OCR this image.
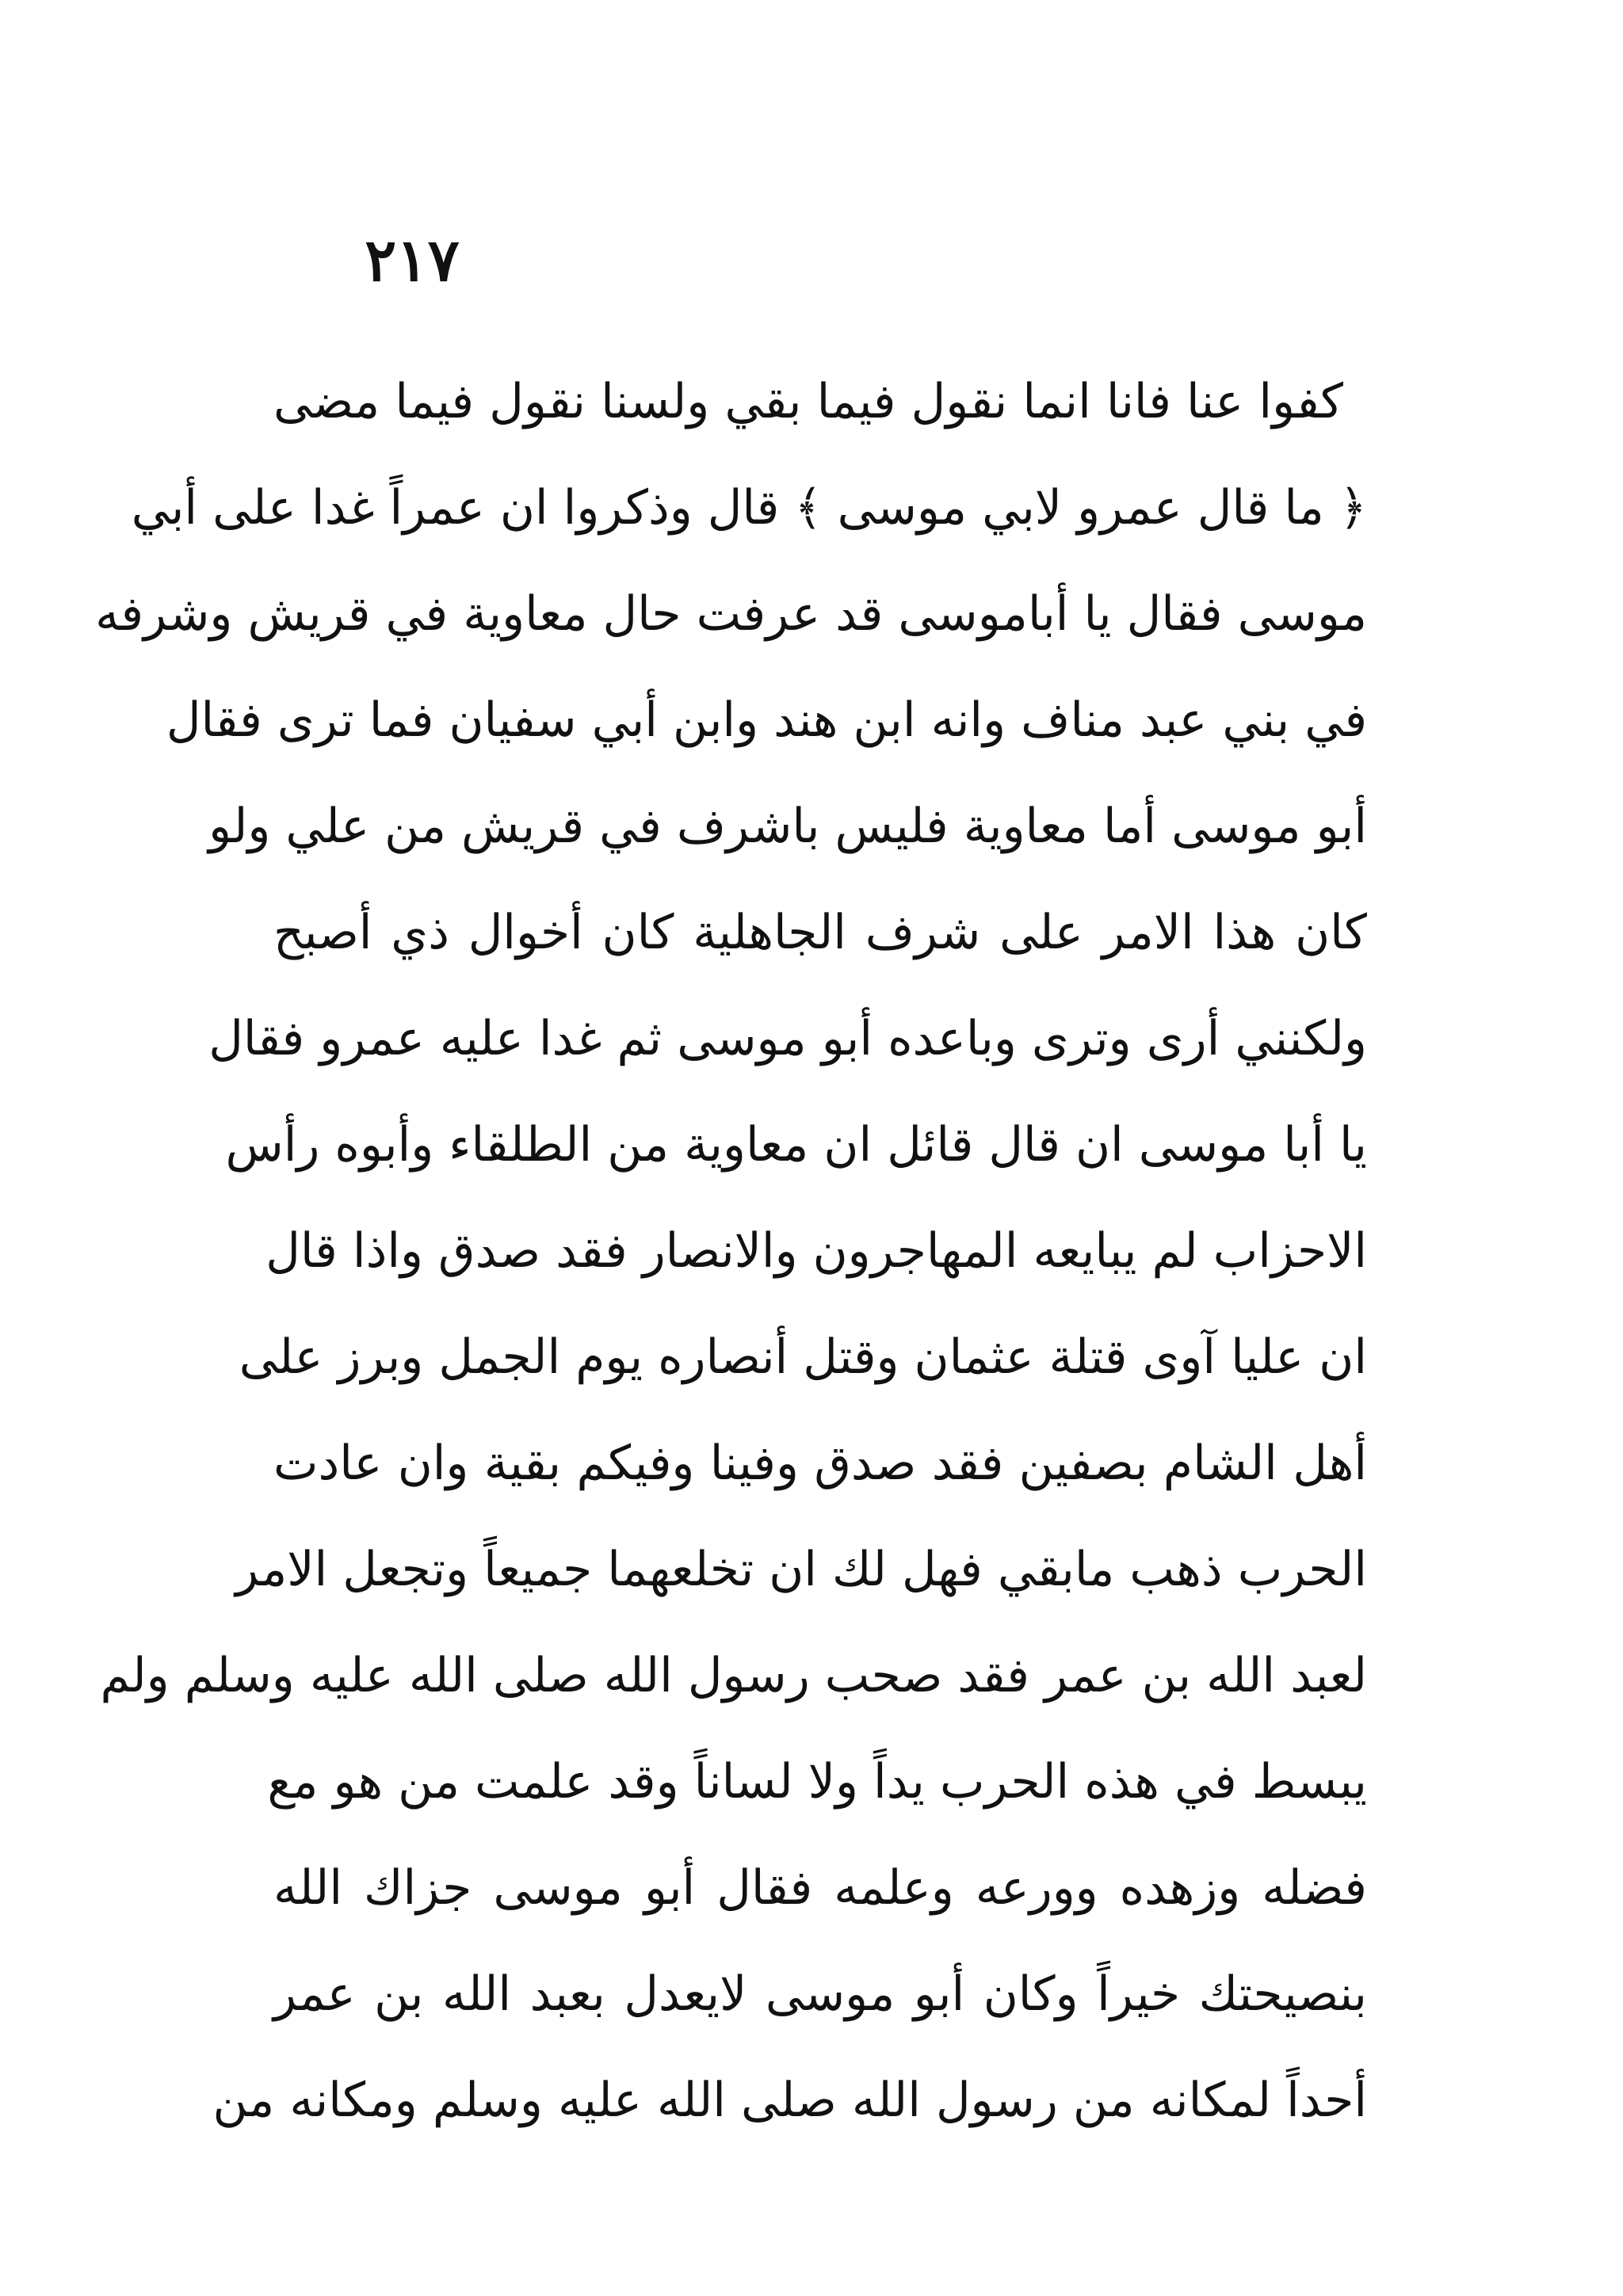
٢١٧
كفوا عنا فانا انما نقول فيما بقي ولسنا نقول فيما مضى
﴿ ما قال عمرو لابي موسى ﴾ قال وذكروا ان عمراً غدا على أبي
موسى فقال يا أباموسى قد عرفت حال معاوية في قريش وشرفه
في بني عبد مناف وانه ابن هند وابن أبي سفيان فما ترى فقال
أبو موسى أما معاوية فليس باشرف في قريش من علي ولو
كان هذا الامر على شرف الجاهلية كان أخوال ذي أصبح
ولكنني أرى وترى وباعده أبو موسى ثم غدا عليه عمرو فقال
يا أبا موسى ان قال قائل ان معاوية من الطلقاء وأبوه رأس
الاحزاب لم يبايعه المهاجرون والانصار فقد صدق واذا قال
ان عليا آوى قتلة عثمان وقتل أنصاره يوم الجمل وبرز على
أهل الشام بصفين فقد صدق وفينا وفيكم بقية وان عادت
الحرب ذهب مابقي فهل لك ان تخلعهما جميعاً وتجعل الامر
لعبد الله بن عمر فقد صحب رسول الله صلى الله عليه وسلم ولم
يبسط في هذه الحرب يداً ولا لساناً وقد علمت من هو مع
فضله وزهده وورعه وعلمه فقال أبو موسى جزاك الله
بنصيحتك خيراً وكان أبو موسى لايعدل بعبد الله بن عمر
أحداً لمكانه من رسول الله صلى الله عليه وسلم ومكانه من
